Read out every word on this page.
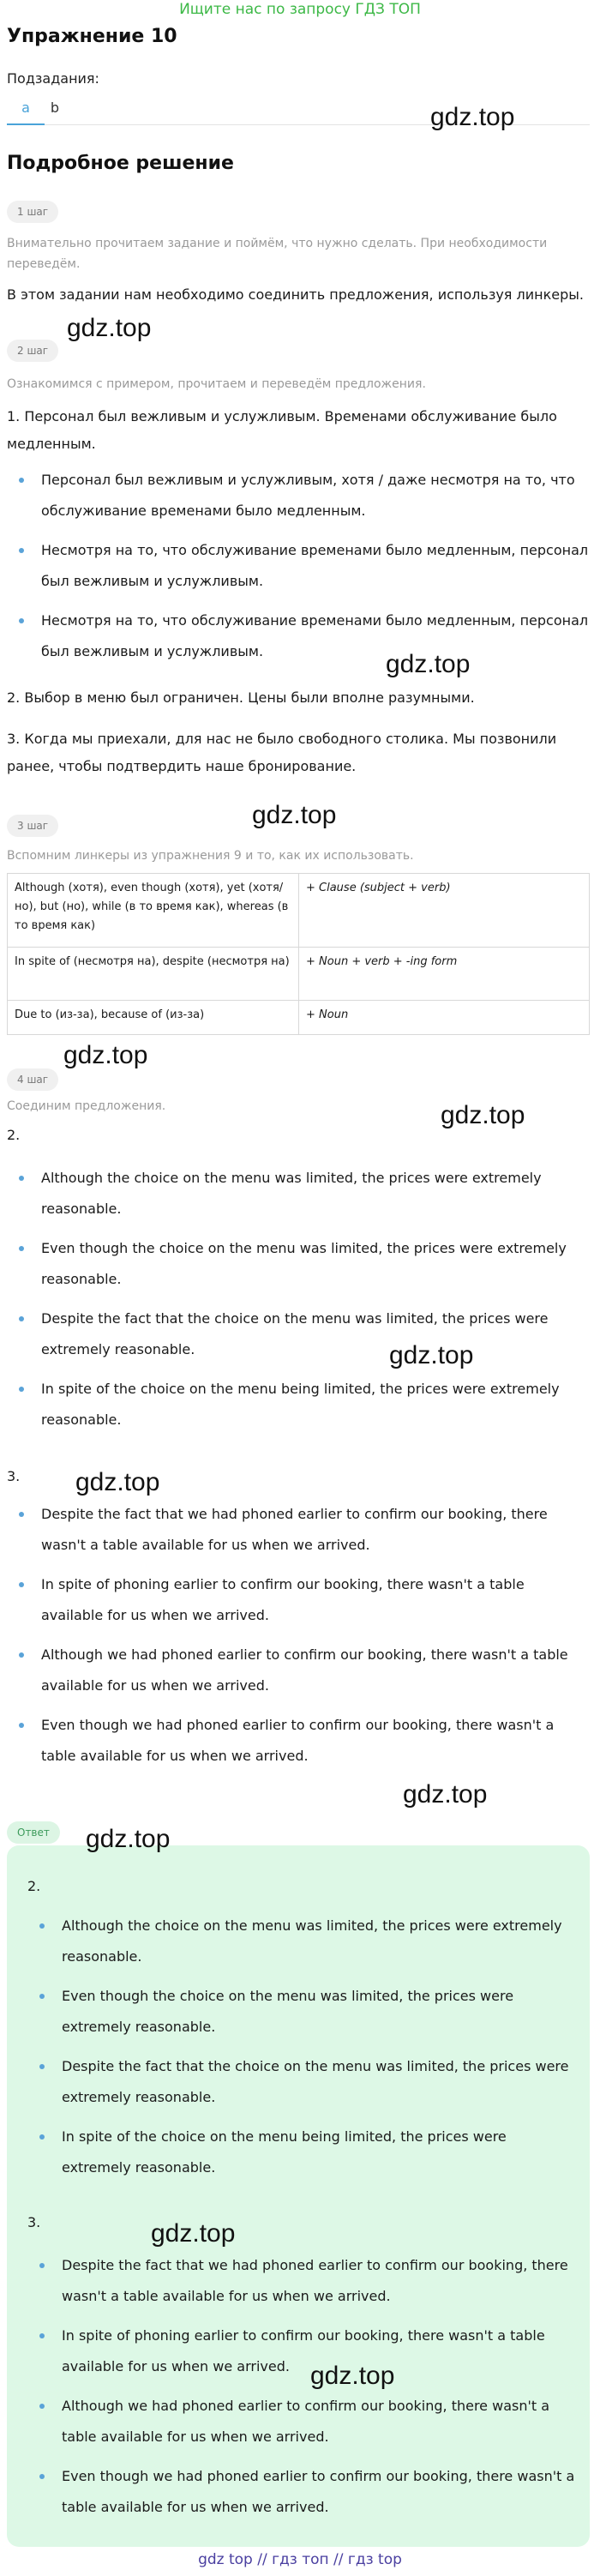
Ищите нас по запросу ГДЗ ТОП
Упражнение 10
Подзадания:
a	b
Подробное решение
1 шаг
Внимательно прочитаем задание и поймём, что нужно сделать. При необходимости переведём.
В этом задании нам необходимо соединить предложения, используя линкеры.
2 шаг
Ознакомимся с примером, прочитаем и переведём предложения.
1. Персонал был вежливым и услужливым. Временами обслуживание было медленным.
Персонал был вежливым и услужливым, хотя / даже несмотря на то, что обслуживание временами было медленным.
Несмотря на то, что обслуживание временами было медленным, персонал был вежливым и услужливым.
Несмотря на то, что обслуживание временами было медленным, персонал был вежливым и услужливым.
2. Выбор в меню был ограничен. Цены были вполне разумными.
3. Когда мы приехали, для нас не было свободного столика. Мы позвонили ранее, чтобы подтвердить наше бронирование.
3 шаг
Вспомним линкеры из упражнения 9 и то, как их использовать.
Although (хотя), even though (хотя), yet (хотя/но), but (но), while (в то время как), whereas (в то время как)	+ Clause (subject + verb)
In spite of (несмотря на), despite (несмотря на)	+ Noun + verb + -ing form
Due to (из-за), because of (из-за)	+ Noun
4 шаг
Соединим предложения.
2.
Although the choice on the menu was limited, the prices were extremely reasonable.
Even though the choice on the menu was limited, the prices were extremely reasonable.
Despite the fact that the choice on the menu was limited, the prices were extremely reasonable.
In spite of the choice on the menu being limited, the prices were extremely reasonable.
3.
Despite the fact that we had phoned earlier to confirm our booking, there wasn't a table available for us when we arrived.
In spite of phoning earlier to confirm our booking, there wasn't a table available for us when we arrived.
Although we had phoned earlier to confirm our booking, there wasn't a table available for us when we arrived.
Even though we had phoned earlier to confirm our booking, there wasn't a table available for us when we arrived.
Ответ
2.
Although the choice on the menu was limited, the prices were extremely reasonable.
Even though the choice on the menu was limited, the prices were extremely reasonable.
Despite the fact that the choice on the menu was limited, the prices were extremely reasonable.
In spite of the choice on the menu being limited, the prices were extremely reasonable.
3.
Despite the fact that we had phoned earlier to confirm our booking, there wasn't a table available for us when we arrived.
In spite of phoning earlier to confirm our booking, there wasn't a table available for us when we arrived.
Although we had phoned earlier to confirm our booking, there wasn't a table available for us when we arrived.
Even though we had phoned earlier to confirm our booking, there wasn't a table available for us when we arrived.
gdz.top
gdz.top
gdz.top
gdz.top
gdz.top
gdz.top
gdz.top
gdz.top
gdz.top
gdz.top
gdz.top
gdz.top
gdz top // гдз топ // гдз top
